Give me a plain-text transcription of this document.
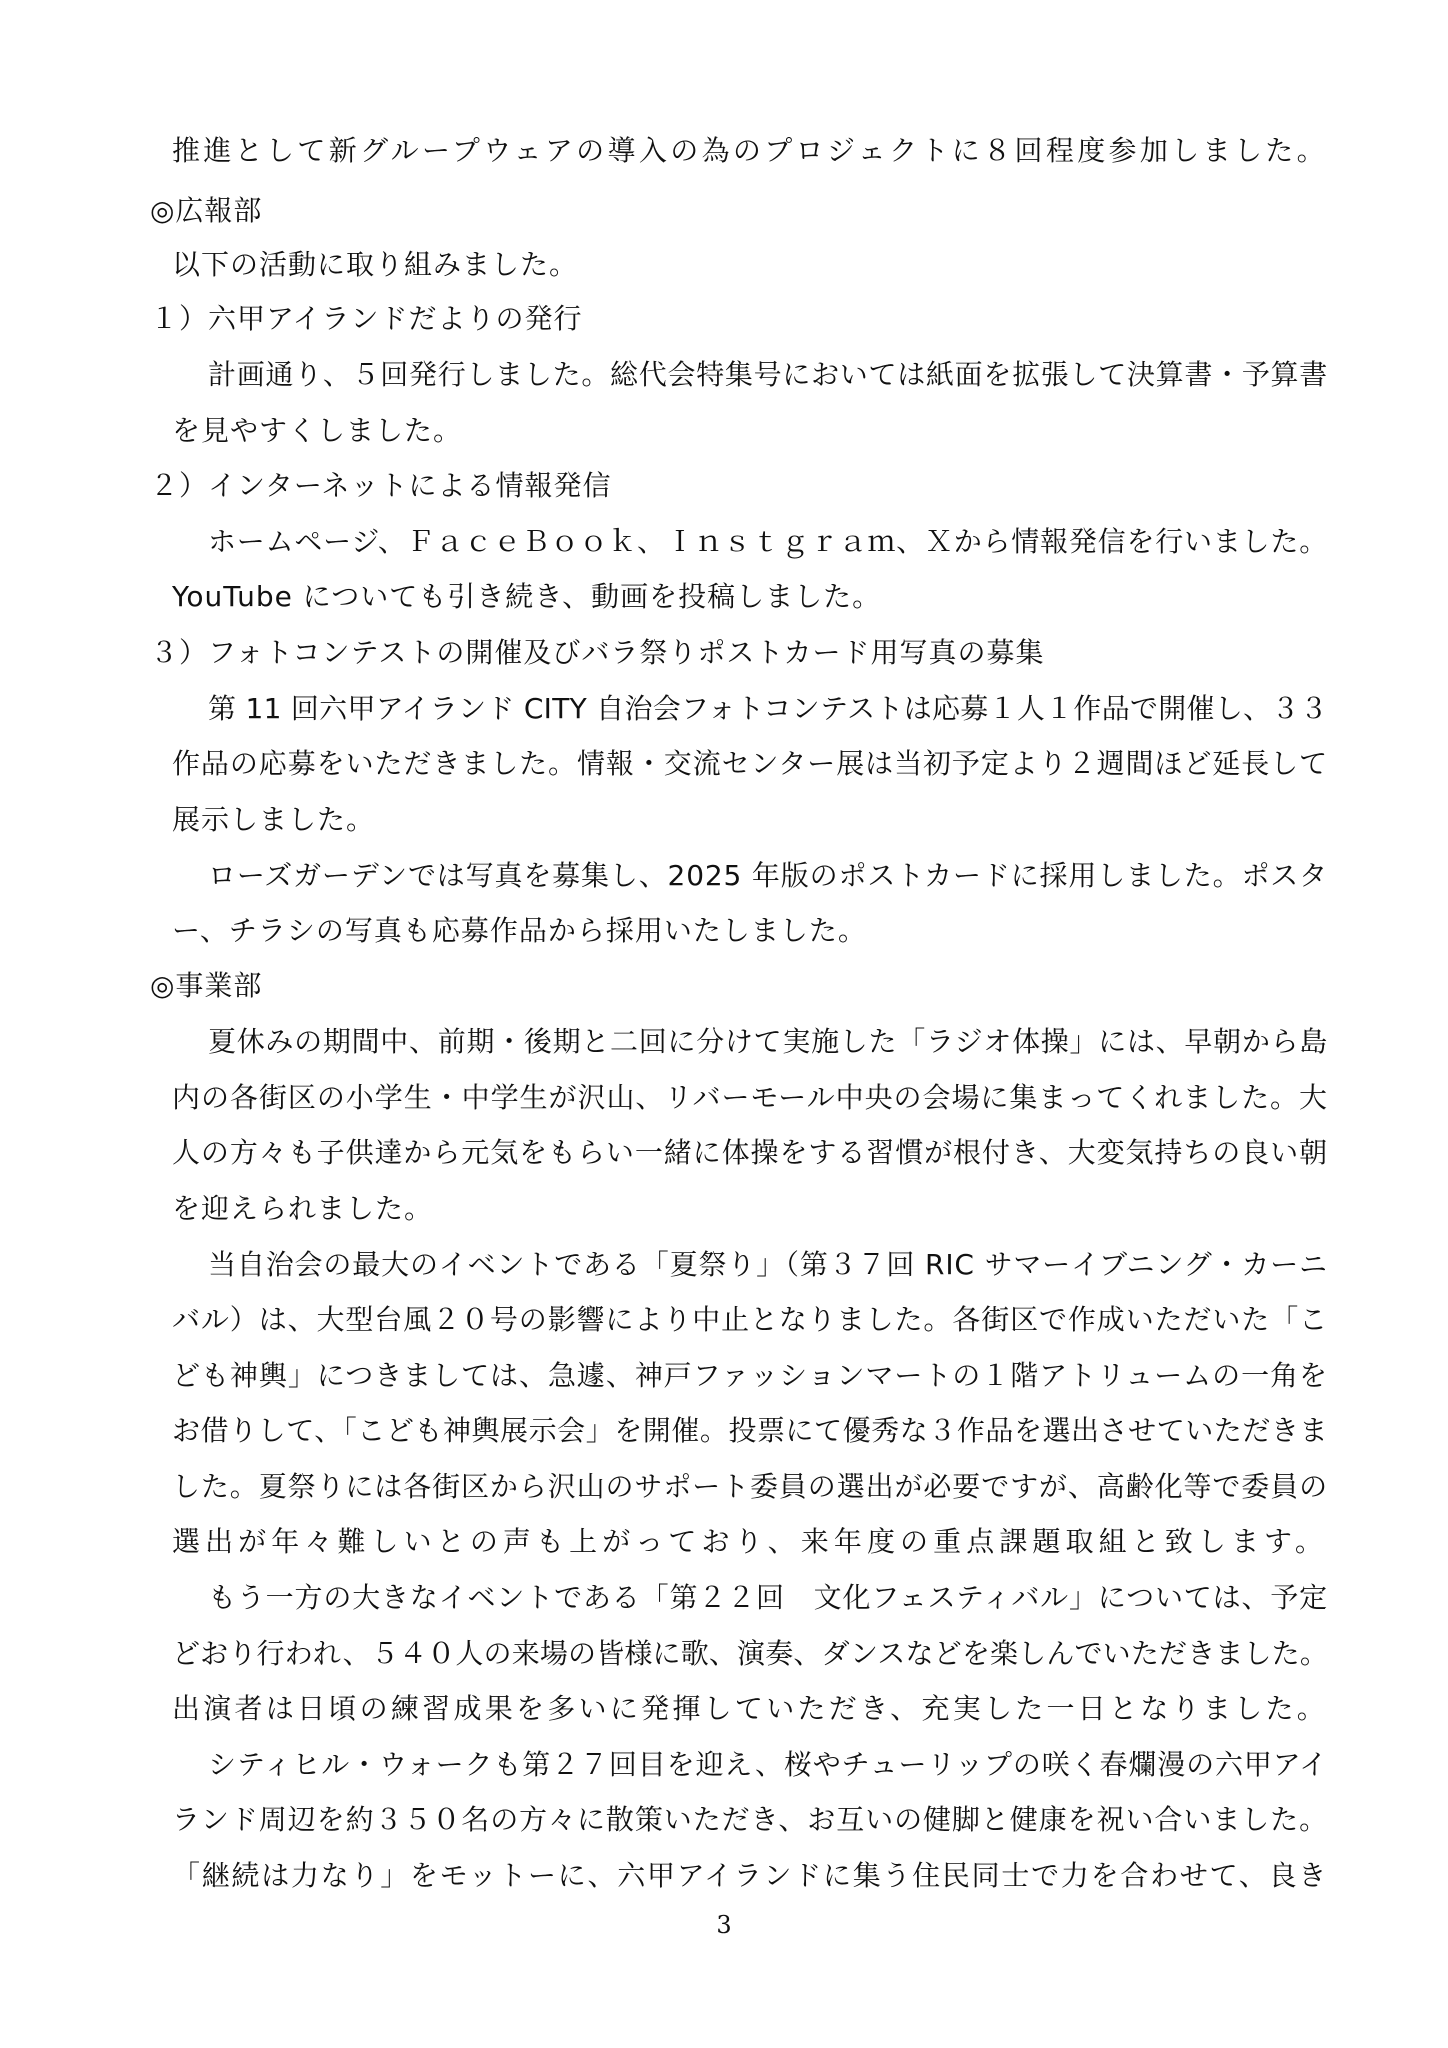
推進として新グループウェアの導入の為のプロジェクトに８回程度参加しました。
◎広報部
以下の活動に取り組みました。
１）六甲アイランドだよりの発行
計画通り、５回発行しました。総代会特集号においては紙面を拡張して決算書・予算書
を見やすくしました。
２）インターネットによる情報発信
ホームページ、ＦａｃｅＢｏｏｋ、Ｉｎｓｔｇｒａｍ、Ｘから情報発信を行いました。
YouTube についても引き続き、動画を投稿しました。
３）フォトコンテストの開催及びバラ祭りポストカード用写真の募集
第 11 回六甲アイランド CITY 自治会フォトコンテストは応募１人１作品で開催し、３３
作品の応募をいただきました。情報・交流センター展は当初予定より２週間ほど延長して
展示しました。
ローズガーデンでは写真を募集し、2025 年版のポストカードに採用しました。ポスタ
ー、チラシの写真も応募作品から採用いたしました。
◎事業部
夏休みの期間中、前期・後期と二回に分けて実施した「ラジオ体操」には、早朝から島
内の各街区の小学生・中学生が沢山、リバーモール中央の会場に集まってくれました。大
人の方々も子供達から元気をもらい一緒に体操をする習慣が根付き、大変気持ちの良い朝
を迎えられました。
当自治会の最大のイベントである「夏祭り」（第３７回 RIC サマーイブニング・カーニ
バル）は、大型台風２０号の影響により中止となりました。各街区で作成いただいた「こ
ども神輿」につきましては、急遽、神戸ファッションマートの１階アトリュームの一角を
お借りして、「こども神輿展示会」を開催。投票にて優秀な３作品を選出させていただきま
した。夏祭りには各街区から沢山のサポート委員の選出が必要ですが、高齢化等で委員の
選出が年々難しいとの声も上がっており、来年度の重点課題取組と致します。
もう一方の大きなイベントである「第２２回　文化フェスティバル」については、予定
どおり行われ、５４０人の来場の皆様に歌、演奏、ダンスなどを楽しんでいただきました。
出演者は日頃の練習成果を多いに発揮していただき、充実した一日となりました。
シティヒル・ウォークも第２７回目を迎え、桜やチューリップの咲く春爛漫の六甲アイ
ランド周辺を約３５０名の方々に散策いただき、お互いの健脚と健康を祝い合いました。
「継続は力なり」をモットーに、六甲アイランドに集う住民同士で力を合わせて、良き
3
